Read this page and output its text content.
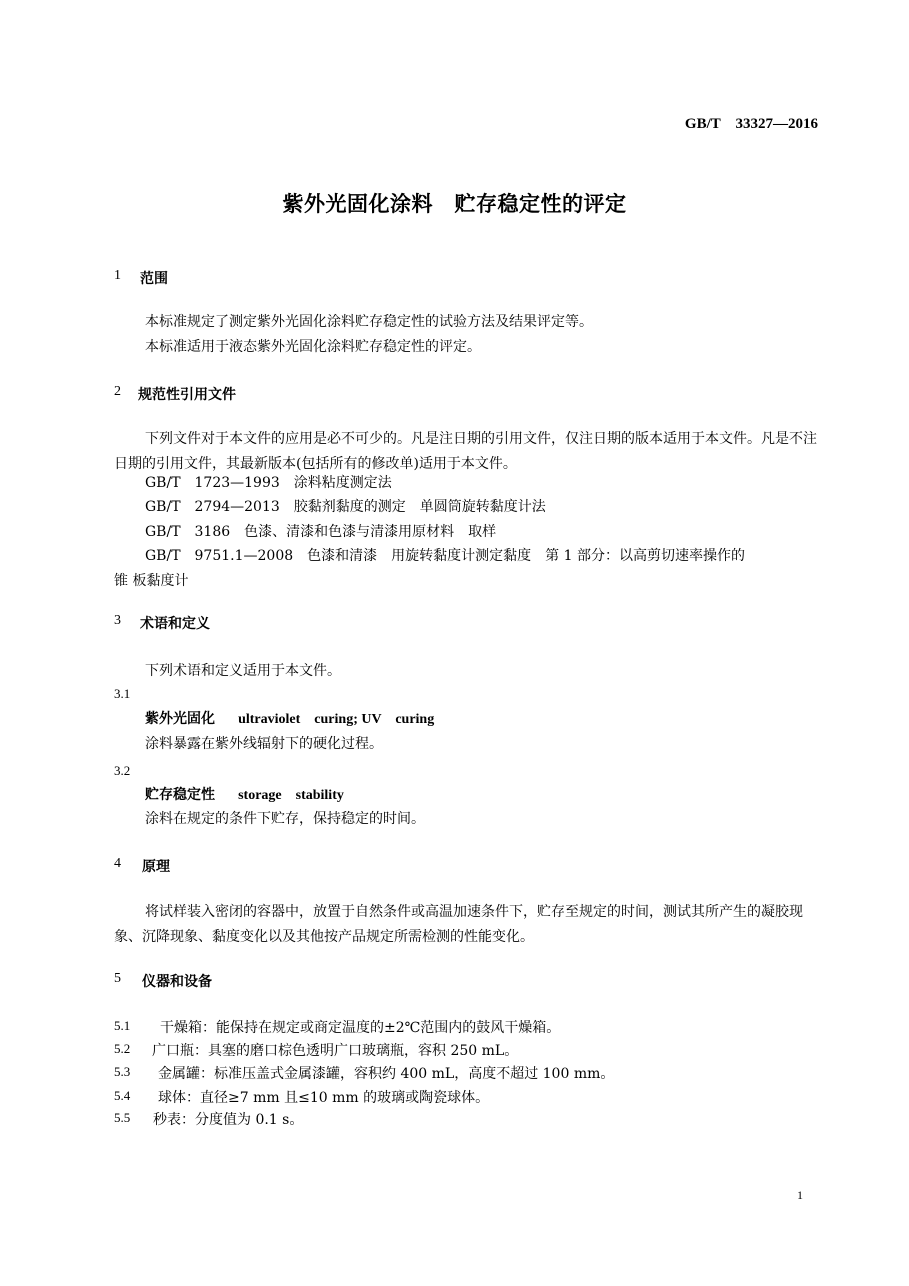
GB/T　33327—2016
紫外光固化涂料　贮存稳定性的评定
1 范围
本标准规定了测定紫外光固化涂料贮存稳定性的试验方法及结果评定等。
本标准适用于液态紫外光固化涂料贮存稳定性的评定。
2 规范性引用文件
下列文件对于本文件的应用是必不可少的。凡是注日期的引用文件，仅注日期的版本适用于本文件。凡是不注日期的引用文件，其最新版本(包括所有的修改单)适用于本文件。
GB/T　1723—1993　涂料粘度测定法
GB/T　2794—2013　胶黏剂黏度的测定　单圆筒旋转黏度计法
GB/T　3186　色漆、清漆和色漆与清漆用原材料　取样
GB/T　9751.1—2008　色漆和清漆　用旋转黏度计测定黏度　第 1 部分：以高剪切速率操作的
锥 板黏度计
3 术语和定义
下列术语和定义适用于本文件。
3.1
紫外光固化 ultraviolet　curing; UV　curing
涂料暴露在紫外线辐射下的硬化过程。
3.2
贮存稳定性 storage　stability
涂料在规定的条件下贮存，保持稳定的时间。
4 原理
将试样装入密闭的容器中，放置于自然条件或高温加速条件下，贮存至规定的时间，测试其所产生的凝胶现象、沉降现象、黏度变化以及其他按产品规定所需检测的性能变化。
5 仪器和设备
5.1 干燥箱：能保持在规定或商定温度的±2℃范围内的鼓风干燥箱。
5.2 广口瓶：具塞的磨口棕色透明广口玻璃瓶，容积 250 mL。
5.3 金属罐：标准压盖式金属漆罐，容积约 400 mL，高度不超过 100 mm。
5.4 球体：直径≥7 mm 且≤10 mm 的玻璃或陶瓷球体。
5.5 秒表：分度值为 0.1 s。
1
